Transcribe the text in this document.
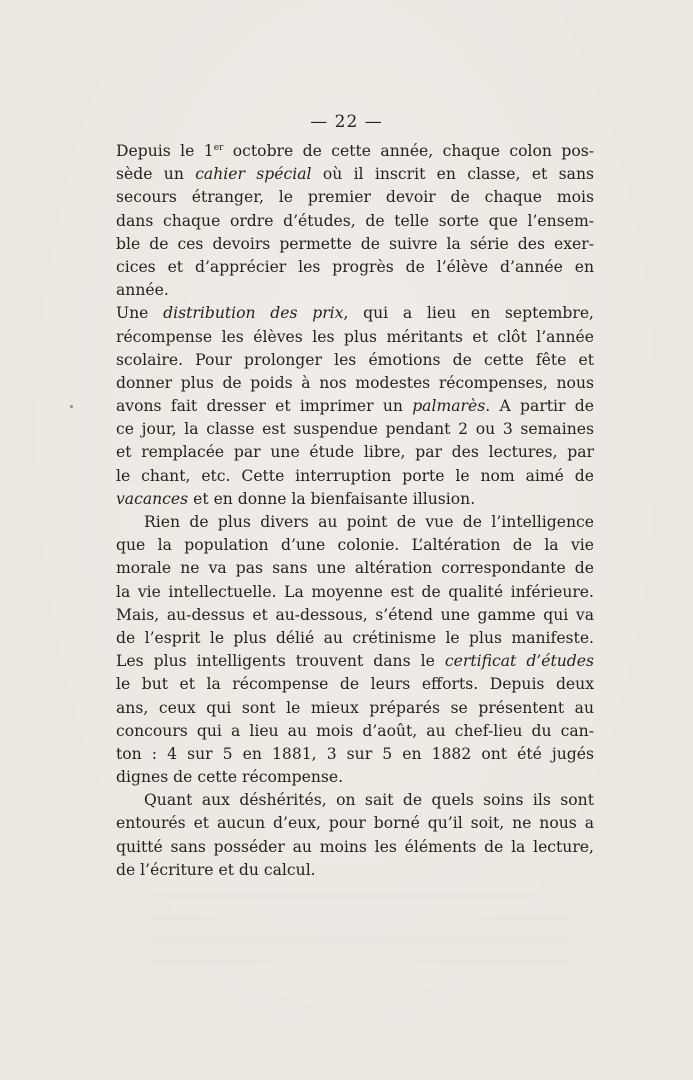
— 22 —
Depuis le 1er octobre de cette année, chaque colon pos-
sède un cahier spécial où il inscrit en classe, et sans
secours étranger, le premier devoir de chaque mois
dans chaque ordre d’études, de telle sorte que l’ensem-
ble de ces devoirs permette de suivre la série des exer-
cices et d’apprécier les progrès de l’élève d’année en
année.
Une distribution des prix, qui a lieu en septembre,
récompense les élèves les plus méritants et clôt l’année
scolaire. Pour prolonger les émotions de cette fête et
donner plus de poids à nos modestes récompenses, nous
avons fait dresser et imprimer un palmarès. A partir de
ce jour, la classe est suspendue pendant 2 ou 3 semaines
et remplacée par une étude libre, par des lectures, par
le chant, etc. Cette interruption porte le nom aimé de
vacances et en donne la bienfaisante illusion.
Rien de plus divers au point de vue de l’intelligence
que la population d’une colonie. L’altération de la vie
morale ne va pas sans une altération correspondante de
la vie intellectuelle. La moyenne est de qualité inférieure.
Mais, au-dessus et au-dessous, s’étend une gamme qui va
de l’esprit le plus délié au crétinisme le plus manifeste.
Les plus intelligents trouvent dans le certificat d’études
le but et la récompense de leurs efforts. Depuis deux
ans, ceux qui sont le mieux préparés se présentent au
concours qui a lieu au mois d’août, au chef-lieu du can-
ton : 4 sur 5 en 1881, 3 sur 5 en 1882 ont été jugés
dignes de cette récompense.
Quant aux déshérités, on sait de quels soins ils sont
entourés et aucun d’eux, pour borné qu’il soit, ne nous a
quitté sans posséder au moins les éléments de la lecture,
de l’écriture et du calcul.
